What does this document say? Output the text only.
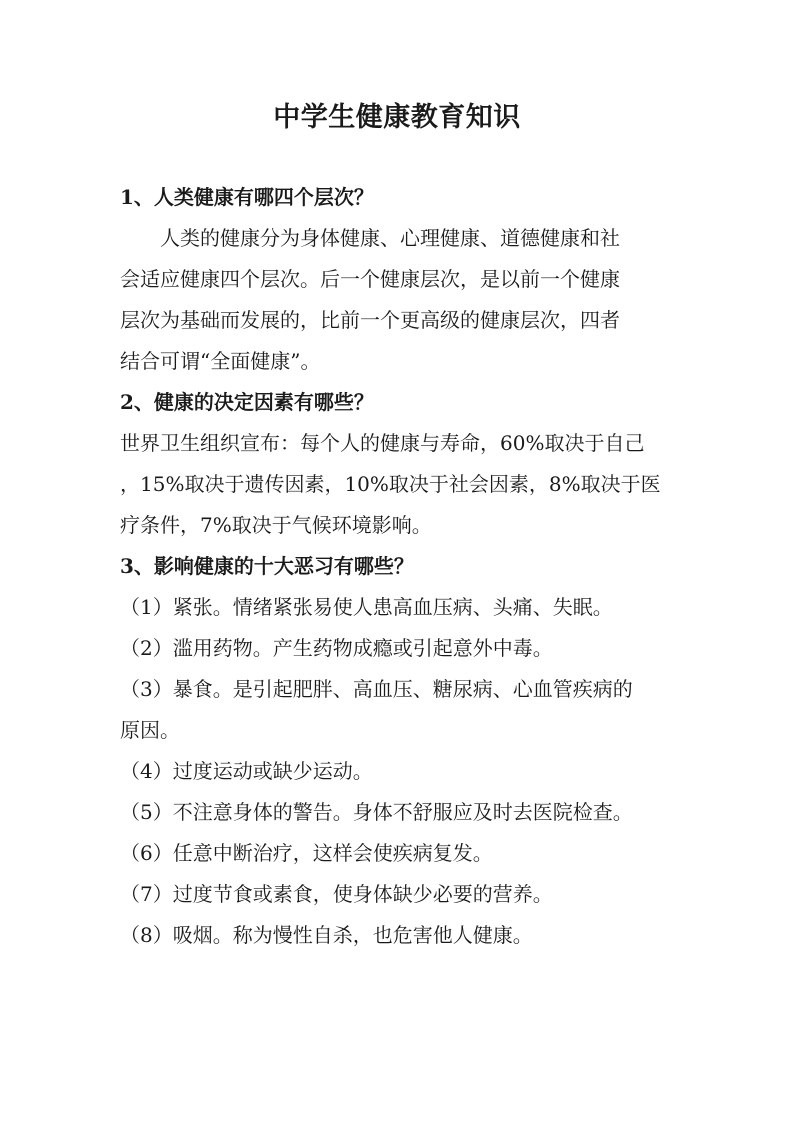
中学生健康教育知识

1、人类健康有哪四个层次？

人类的健康分为身体健康、心理健康、道德健康和社

会适应健康四个层次。后一个健康层次，是以前一个健康

层次为基础而发展的，比前一个更高级的健康层次，四者

结合可谓“全面健康”。

2、健康的决定因素有哪些？

世界卫生组织宣布：每个人的健康与寿命，60%取决于自己

，15%取决于遗传因素，10%取决于社会因素，8%取决于医

疗条件，7%取决于气候环境影响。

3、影响健康的十大恶习有哪些？

（1）紧张。情绪紧张易使人患高血压病、头痛、失眠。

（2）滥用药物。产生药物成瘾或引起意外中毒。

（3）暴食。是引起肥胖、高血压、糖尿病、心血管疾病的

原因。

（4）过度运动或缺少运动。

（5）不注意身体的警告。身体不舒服应及时去医院检查。

（6）任意中断治疗，这样会使疾病复发。

（7）过度节食或素食，使身体缺少必要的营养。

（8）吸烟。称为慢性自杀，也危害他人健康。
